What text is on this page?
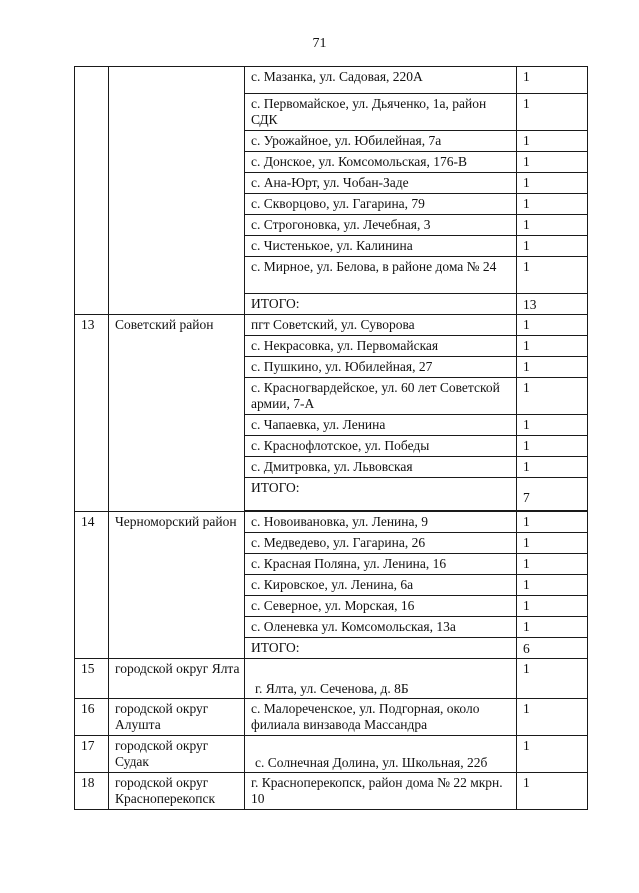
71
		с. Мазанка, ул. Садовая, 220А	1
		с. Первомайское, ул. Дьяченко, 1а, район СДК	1
		с. Урожайное, ул. Юбилейная, 7а	1
		с. Донское, ул. Комсомольская, 176-В	1
		с. Ана-Юрт, ул. Чобан-Заде	1
		с. Скворцово, ул. Гагарина, 79	1
		с. Строгоновка, ул. Лечебная, 3	1
		с. Чистенькое, ул. Калинина	1
		с. Мирное, ул. Белова, в районе дома № 24	1
		ИТОГО:	13
13	Советский район	пгт Советский, ул. Суворова	1
		с. Некрасовка, ул. Первомайская	1
		с. Пушкино, ул. Юбилейная, 27	1
		с. Красногвардейское, ул. 60 лет Советской армии, 7-А	1
		с. Чапаевка, ул. Ленина	1
		с. Краснофлотское, ул. Победы	1
		с. Дмитровка, ул. Львовская	1
		ИТОГО:	7

14	Черноморский район	с. Новоивановка, ул. Ленина, 9	1
		с. Медведево, ул. Гагарина, 26	1
		с. Красная Поляна, ул. Ленина, 16	1
		с. Кировское, ул. Ленина, 6а	1
		с. Северное, ул. Морская, 16	1
		с. Оленевка ул. Комсомольская, 13а	1
		ИТОГО:	6
15	городской округ Ялта	г. Ялта, ул. Сеченова, д. 8Б	1
16	городской округ Алушта	с. Малореченское, ул. Подгорная, около филиала винзавода Массандра	1
17	городской округ Судак	с. Солнечная Долина, ул. Школьная, 22б	1
18	городской округ Красноперекопск	г. Красноперекопск, район дома № 22 мкрн. 10	1
